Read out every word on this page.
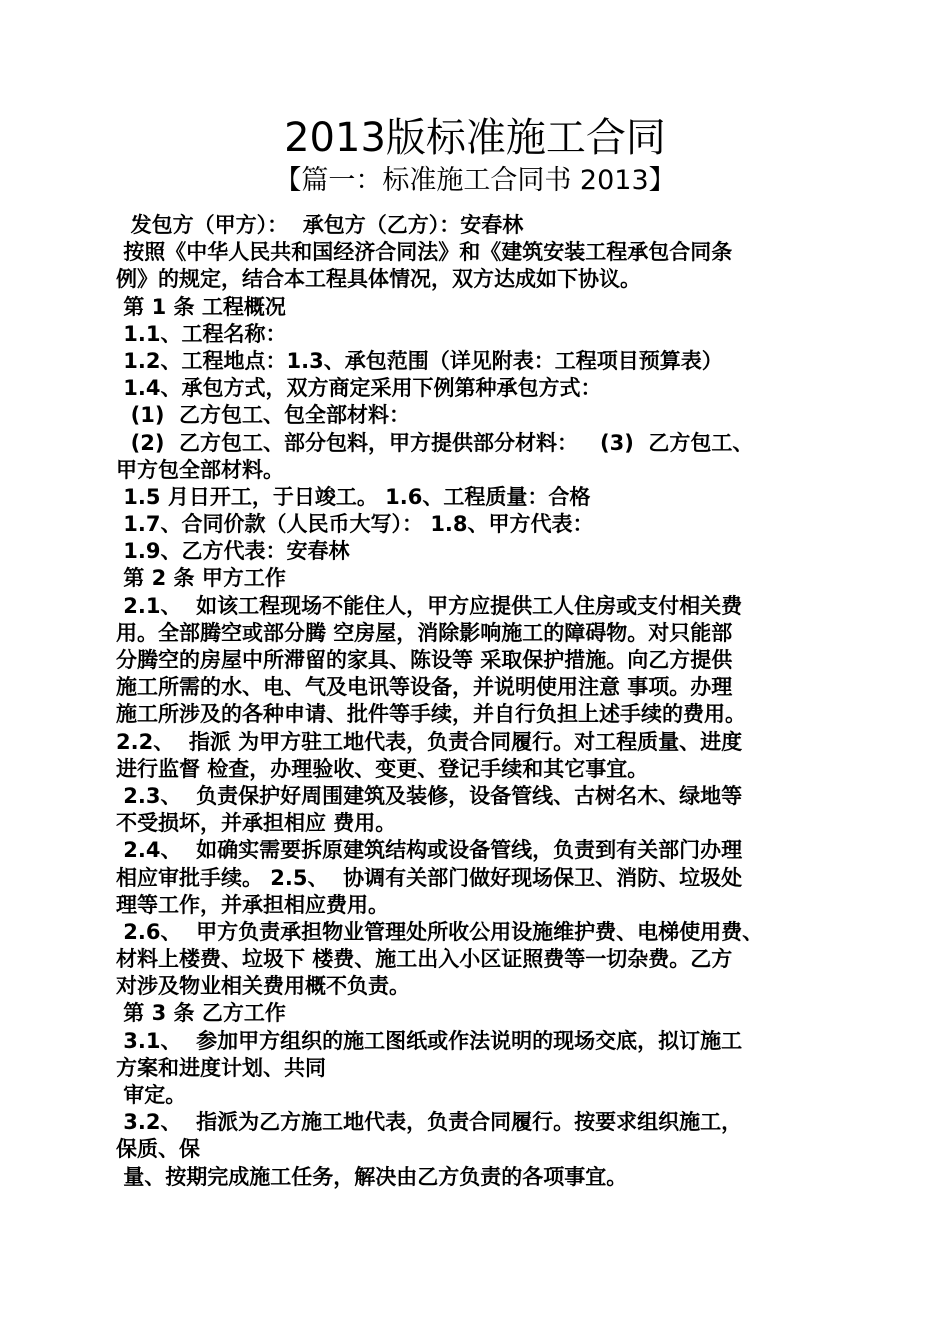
2013版标准施工合同
【篇一：标准施工合同书 2013】
发包方（甲方）：  承包方（乙方）：安春林
按照《中华人民共和国经济合同法》和《建筑安装工程承包合同条
例》的规定，结合本工程具体情况，双方达成如下协议。
第 1 条 工程概况
1.1、工程名称：
1.2、工程地点：1.3、承包范围（详见附表：工程项目预算表）
1.4、承包方式，双方商定采用下例第种承包方式：
(1)  乙方包工、包全部材料：
(2)  乙方包工、部分包料，甲方提供部分材料：   (3)  乙方包工、
甲方包全部材料。
1.5 月日开工，于日竣工。 1.6、工程质量：合格
1.7、合同价款（人民币大写）： 1.8、甲方代表：
1.9、乙方代表：安春林
第 2 条 甲方工作
2.1、  如该工程现场不能住人，甲方应提供工人住房或支付相关费
用。全部腾空或部分腾 空房屋，消除影响施工的障碍物。对只能部
分腾空的房屋中所滞留的家具、陈设等 采取保护措施。向乙方提供
施工所需的水、电、气及电讯等设备，并说明使用注意 事项。办理
施工所涉及的各种申请、批件等手续，并自行负担上述手续的费用。
2.2、  指派 为甲方驻工地代表，负责合同履行。对工程质量、进度
进行监督 检查，办理验收、变更、登记手续和其它事宜。
2.3、  负责保护好周围建筑及装修，设备管线、古树名木、绿地等
不受损坏，并承担相应 费用。
2.4、  如确实需要拆原建筑结构或设备管线，负责到有关部门办理
相应审批手续。 2.5、  协调有关部门做好现场保卫、消防、垃圾处
理等工作，并承担相应费用。
2.6、  甲方负责承担物业管理处所收公用设施维护费、电梯使用费、
材料上楼费、垃圾下 楼费、施工出入小区证照费等一切杂费。乙方
对涉及物业相关费用概不负责。
第 3 条 乙方工作
3.1、  参加甲方组织的施工图纸或作法说明的现场交底，拟订施工
方案和进度计划、共同
审定。
3.2、  指派为乙方施工地代表，负责合同履行。按要求组织施工，
保质、保
量、按期完成施工任务，解决由乙方负责的各项事宜。
